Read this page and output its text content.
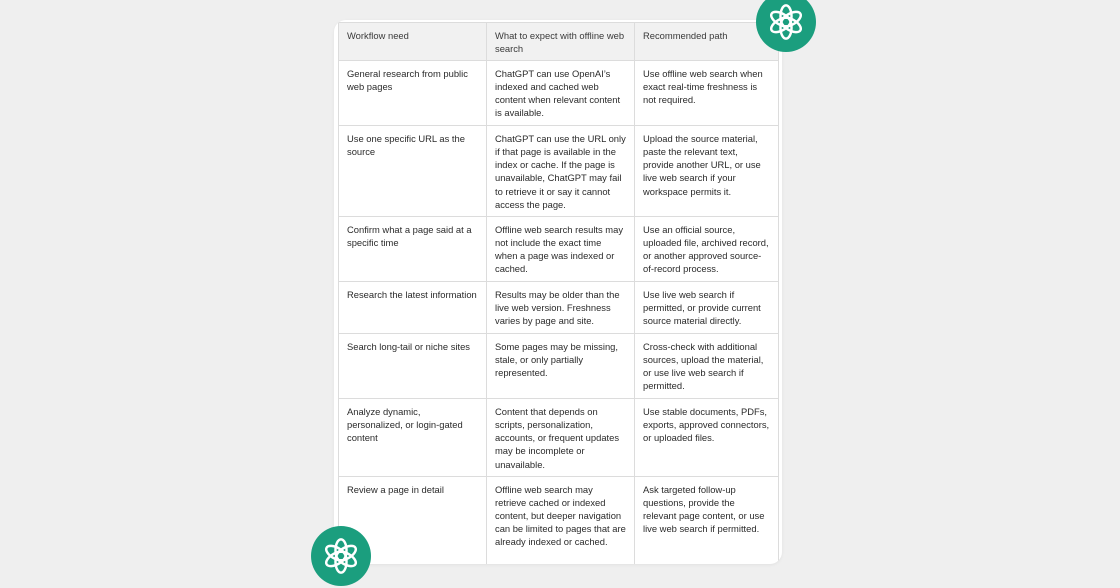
Workflow need	What to expect with offline web search	Recommended path
General research from public web pages	ChatGPT can use OpenAI’s indexed and cached web content when relevant content is available.	Use offline web search when exact real-time freshness is not required.
Use one specific URL as the source	ChatGPT can use the URL only if that page is available in the index or cache. If the page is unavailable, ChatGPT may fail to retrieve it or say it cannot access the page.	Upload the source material, paste the relevant text, provide another URL, or use live web search if your workspace permits it.
Confirm what a page said at a specific time	Offline web search results may not include the exact time when a page was indexed or cached.	Use an official source, uploaded file, archived record, or another approved source-of-record process.
Research the latest information	Results may be older than the live web version. Freshness varies by page and site.	Use live web search if permitted, or provide current source material directly.
Search long-tail or niche sites	Some pages may be missing, stale, or only partially represented.	Cross-check with additional sources, upload the material, or use live web search if permitted.
Analyze dynamic, personalized, or login-gated content	Content that depends on scripts, personalization, accounts, or frequent updates may be incomplete or unavailable.	Use stable documents, PDFs, exports, approved connectors, or uploaded files.
Review a page in detail	Offline web search may retrieve cached or indexed content, but deeper navigation can be limited to pages that are already indexed or cached.	Ask targeted follow-up questions, provide the relevant page content, or use live web search if permitted.
